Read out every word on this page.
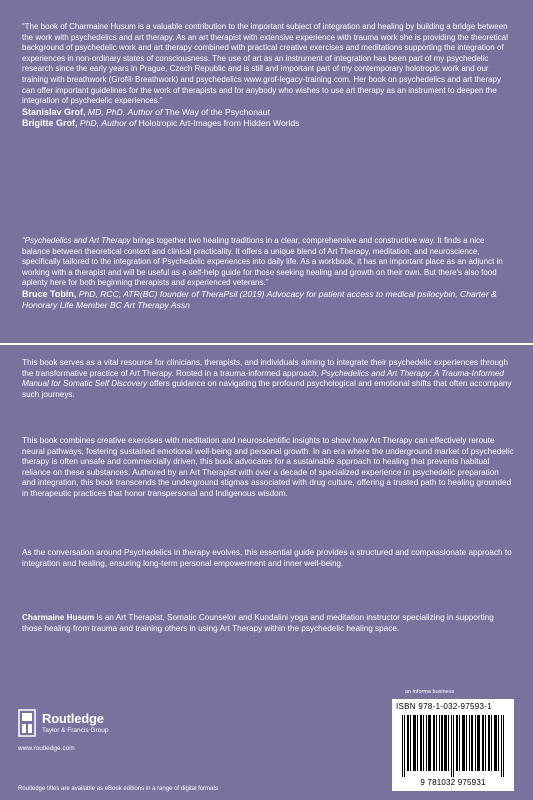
“The book of Charmaine Husum is a valuable contribution to the important subject of integration and healing by building a bridge between the work with psychedelics and art therapy. As an art therapist with extensive experience with trauma work she is providing the theoretical background of psychedelic work and art therapy combined with practical creative exercises and meditations supporting the integration of experiences in non-ordinary states of consciousness. The use of art as an instrument of integration has been part of my psychedelic research since the early years in Prague, Czech Republic and is still and important part of my contemporary holotropic work and our training with breathwork (Grof® Breathwork) and psychedelics www.grof-legacy-training.com. Her book on psychedelics and art therapy can offer important guidelines for the work of therapists and for anybody who wishes to use art therapy as an instrument to deepen the integration of psychedelic experiences.”

Stanislav Grof, MD, PhD, Author of The Way of the Psychonaut
Brigitte Grof, PhD, Author of Holotropic Art-Images from Hidden Worlds

“Psychedelics and Art Therapy brings together two healing traditions in a clear, comprehensive and constructive way. It finds a nice balance between theoretical context and clinical practicality. It offers a unique blend of Art Therapy, meditation, and neuroscience, specifically tailored to the integration of Psychedelic experiences into daily life. As a workbook, it has an important place as an adjunct in working with a therapist and will be useful as a self-help guide for those seeking healing and growth on their own. But there's also food aplenty here for both beginning therapists and experienced veterans.”

Bruce Tobin, PhD, RCC, ATR(BC) founder of TheraPsil (2019) Advocacy for patient access to medical psilocybin, Charter & Honorary Life Member BC Art Therapy Assn

This book serves as a vital resource for clinicians, therapists, and individuals aiming to integrate their psychedelic experiences through the transformative practice of Art Therapy. Rooted in a trauma-informed approach, Psychedelics and Art Therapy: A Trauma-Informed Manual for Somatic Self Discovery offers guidance on navigating the profound psychological and emotional shifts that often accompany such journeys.

This book combines creative exercises with meditation and neuroscientific insights to show how Art Therapy can effectively reroute neural pathways, fostering sustained emotional well-being and personal growth. In an era where the underground market of psychedelic therapy is often unsafe and commercially driven, this book advocates for a sustainable approach to healing that prevents habitual reliance on these substances. Authored by an Art Therapist with over a decade of specialized experience in psychedelic preparation and integration, this book transcends the underground stigmas associated with drug culture, offering a trusted path to healing grounded in therapeutic practices that honor transpersonal and Indigenous wisdom.

As the conversation around Psychedelics in therapy evolves, this essential guide provides a structured and compassionate approach to integration and healing, ensuring long-term personal empowerment and inner well-being.

Charmaine Husum is an Art Therapist, Somatic Counselor and Kundalini yoga and meditation instructor specializing in supporting those healing from trauma and training others in using Art Therapy within the psychedelic healing space.

an informa business
Routledge
Taylor & Francis Group
www.routledge.com
Routledge titles are available as eBook editions in a range of digital formats
ISBN 978-1-032-97593-1
9 781032 975931
